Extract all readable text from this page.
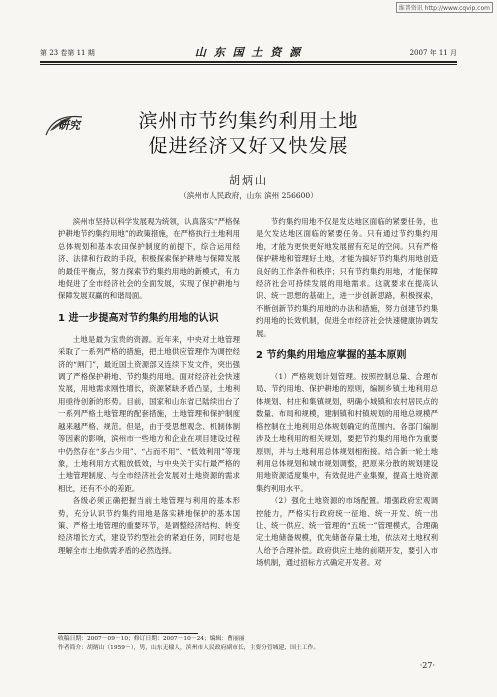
维普资讯 http://www.cqvip.com
第 23 卷第 11 期	山 东 国 土 资 源	2007 年 11 月
研究	滨州市节约集约利用土地
促进经济又好又快发展
胡炳山
（滨州市人民政府，山东 滨州 256600）

滨州市坚持以科学发展观为统领，认真落实“严格保护耕地节约集约用地”的政策措施，在严格执行土地利用总体规划和基本农田保护制度的前提下，综合运用经济、法律和行政的手段，积极探索保护耕地与保障发展的最佳平衡点，努力探索节约集约用地的新模式，有力地促进了全市经济社会的全面发展，实现了保护耕地与保障发展双赢的和谐局面。

1 进一步提高对节约集约用地的认识

土地是最为宝贵的资源。近年来，中央对土地管理采取了一系列严格的措施，把土地供应管理作为调控经济的“闸门”，最近国土资源部又连续下发文件，突出强调了严格保护耕地、节约集约用地。面对经济社会快速发展，用地需求刚性增长，资源紧缺矛盾凸显，土地利用亟待创新的形势。目前，国家和山东省已陆续出台了一系列严格土地管理的配套措施，土地管理和保护制度越来越严格、规范。但是，由于受思想观念、机制体制等因素的影响，滨州市一些地方和企业在项目建设过程中仍然存在“多占少用”、“占而不用”、“低效利用”等现象，土地利用方式粗放低效，与中央关于实行最严格的土地管理制度、与全市经济社会发展对土地资源的需求相比，还有不小的差距。

各级必须正确把握当前土地管理与利用的基本形势，充分认识节约集约用地是落实耕地保护的基本国策、严格土地管理的重要环节，是调整经济结构、转变经济增长方式，建设节约型社会的紧迫任务，同时也是理解全市土地供需矛盾的必然选择。

节约集约用地不仅是发达地区面临的紧要任务，也是欠发达地区面临的紧要任务。只有通过节约集约用地，才能为更快更好地发展留有充足的空间。只有严格保护耕地和管理好土地，才能为搞好节约集约用地创造良好的工作条件和秩序；只有节约集约用地，才能保障经济社会可持续发展的用地需求。这就要求在提高认识、统一思想的基础上，进一步创新思路，积极探索，不断创新节约集约用地的办法和措施，努力创建节约集约用地的长效机制，促进全市经济社会快速健康协调发展。

2 节约集约用地应掌握的基本原则

（1）严格规划计划管理。按照控制总量、合理布局、节约用地、保护耕地的原则，编制乡镇土地利用总体规划、村庄和集镇规划，明确小城镇和农村居民点的数量、布局和规模，建制镇和村镇规划的用地总规模严格控制在土地利用总体规划确定的范围内。各部门编制涉及土地利用的相关规划，要把节约集约用地作为重要原则，并与土地利用总体规划相衔接。结合新一轮土地利用总体规划和城市规划调整，把原来分散的规划建设用地资源适度集中，有效促进产业集聚，提高土地资源集约利用水平。

（2）强化土地资源的市场配置。增强政府宏观调控能力，严格实行政府统一征地、统一开发、统一出让、统一供应、统一管理的“五统一”管理模式，合理确定土地储备规模，优先储备存量土地，依法对土地权利人给予合理补偿。政府供应土地的前期开发，要引入市场机制，通过招标方式确定开发者。对

收稿日期：2007－09－10；修订日期：2007－10－24；编辑：曹丽丽
作者简介：胡炳山（1959－），男，山东无棣人，滨州市人民政府副市长，主要分管城建、国土工作。
·27·
